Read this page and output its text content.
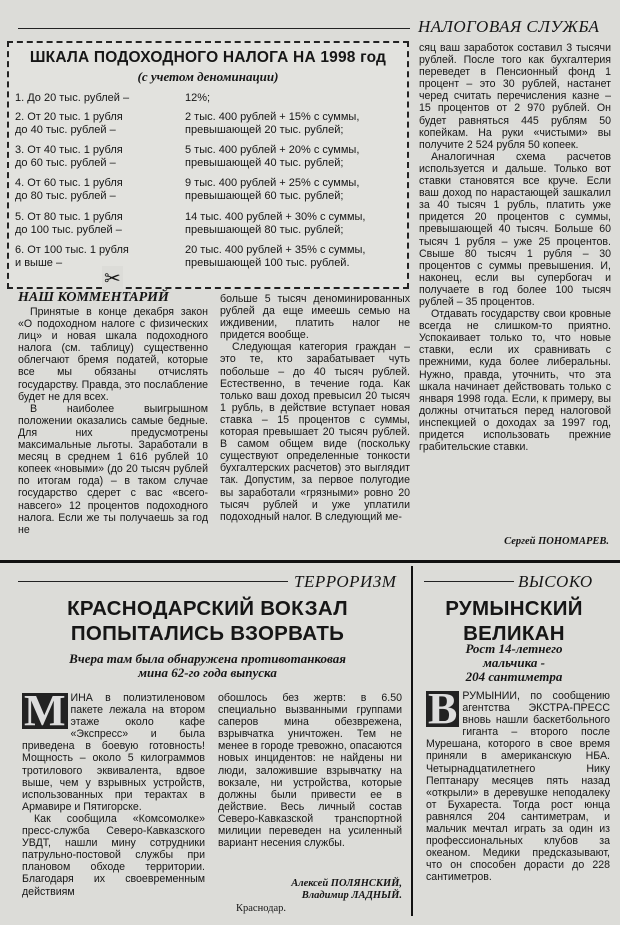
НАЛОГОВАЯ СЛУЖБА
ШКАЛА ПОДОХОДНОГО НАЛОГА НА 1998 год
(с учетом деноминации)
1. До 20 тыс. рублей –	12%;
2. От 20 тыс. 1 рубля
до 40 тыс. рублей –
2 тыс. 400 рублей + 15% с суммы,
превышающей 20 тыс. рублей;
3. От 40 тыс. 1 рубля
до 60 тыс. рублей –
5 тыс. 400 рублей + 20% с суммы,
превышающей 40 тыс. рублей;
4. От 60 тыс. 1 рубля
до 80 тыс. рублей –
9 тыс. 400 рублей + 25% с суммы,
превышающей 60 тыс. рублей;
5. От 80 тыс. 1 рубля
до 100 тыс. рублей –
14 тыс. 400 рублей + 30% с суммы,
превышающей 80 тыс. рублей;
6. От 100 тыс. 1 рубля
и выше –
20 тыс. 400 рублей + 35% с суммы,
превышающей 100 тыс. рублей.
✂
НАШ КОММЕНТАРИЙ

Принятые в конце декабря закон «О подоходном налоге с физических лиц» и новая шкала подоходного налога (см. таблицу) существенно облегчают бремя податей, которые все мы обязаны отчислять государству. Правда, это послабление будет не для всех.

В наиболее выигрышном положении оказались самые бедные. Для них предусмотрены максимальные льготы. Заработали в месяц в среднем 1 616 рублей 10 копеек «новыми» (до 20 тысяч рублей по итогам года) – в таком случае государство сдерет с вас «всего-навсего» 12 процентов подоходного налога. Если же ты получаешь за год не

больше 5 тысяч деноминированных рублей да еще имеешь семью на иждивении, платить налог не придется вообще.

Следующая категория граждан – это те, кто зарабатывает чуть побольше – до 40 тысяч рублей. Естественно, в течение года. Как только ваш доход превысил 20 тысяч 1 рубль, в действие вступает новая ставка – 15 процентов с суммы, которая превышает 20 тысяч рублей. В самом общем виде (поскольку существуют определенные тонкости бухгалтерских расчетов) это выглядит так. Допустим, за первое полугодие вы заработали «грязными» ровно 20 тысяч рублей и уже уплатили подоходный налог. В следующий ме-

сяц ваш заработок составил 3 тысячи рублей. После того как бухгалтерия переведет в Пенсионный фонд 1 процент – это 30 рублей, настанет черед считать перечисления казне – 15 процентов от 2 970 рублей. Он будет равняться 445 рублям 50 копейкам. На руки «чистыми» вы получите 2 524 рубля 50 копеек.

Аналогичная схема расчетов используется и дальше. Только вот ставки становятся все круче. Если ваш доход по нарастающей зашкалил за 40 тысяч 1 рубль, платить уже придется 20 процентов с суммы, превышающей 40 тысяч. Больше 60 тысяч 1 рубля – уже 25 процентов. Свыше 80 тысяч 1 рубля – 30 процентов с суммы превышения. И, наконец, если вы супербогач и получаете в год более 100 тысяч рублей – 35 процентов.

Отдавать государству свои кровные всегда не слишком-то приятно. Успокаивает только то, что новые ставки, если их сравнивать с прежними, куда более либеральны. Нужно, правда, уточнить, что эта шкала начинает действовать только с января 1998 года. Если, к примеру, вы должны отчитаться перед налоговой инспекцией о доходах за 1997 год, придется использовать прежние грабительские ставки.

Сергей ПОНОМАРЕВ.
ТЕРРОРИЗМ
КРАСНОДАРСКИЙ ВОКЗАЛ
ПОПЫТАЛИСЬ ВЗОРВАТЬ
Вчера там была обнаружена противотанковая
мина 62-го года выпуска
М ИНА в полиэтиленовом пакете лежала на втором этаже около кафе «Экспресс» и была приведена в боевую готовность! Мощность – около 5 килограммов тротилового эквивалента, вдвое выше, чем у взрывных устройств, использованных при терактах в Армавире и Пятигорске.

Как сообщила «Комсомолке» пресс-служба Северо-Кавказского УВДТ, нашли мину сотрудники патрульно-постовой службы при плановом обходе территории. Благодаря их своевременным действиям

обошлось без жертв: в 6.50 специально вызванными группами саперов мина обезврежена, взрывчатка уничтожен. Тем не менее в городе тревожно, опасаются новых инцидентов: не найдены ни люди, заложившие взрывчатку на вокзале, ни устройства, которые должны были привести ее в действие. Весь личный состав Северо-Кавказской транспортной милиции переведен на усиленный вариант несения службы.

Алексей ПОЛЯНСКИЙ,
Владимир ЛАДНЫЙ.
Краснодар.
ВЫСОКО
РУМЫНСКИЙ
ВЕЛИКАН
Рост 14-летнего
мальчика -
204 сантиметра
В РУМЫНИИ, по сообщению агентства ЭКСТРА-ПРЕСС вновь нашли баскетбольного гиганта – второго после Мурешана, которого в свое время приняли в американскую НБА. Четырнадцатилетнего Нику Пептанару месяцев пять назад «открыли» в деревушке неподалеку от Бухареста. Тогда рост юнца равнялся 204 сантиметрам, и мальчик мечтал играть за один из профессиональных клубов за океаном. Медики предсказывают, что он способен дорасти до 228 сантиметров.
